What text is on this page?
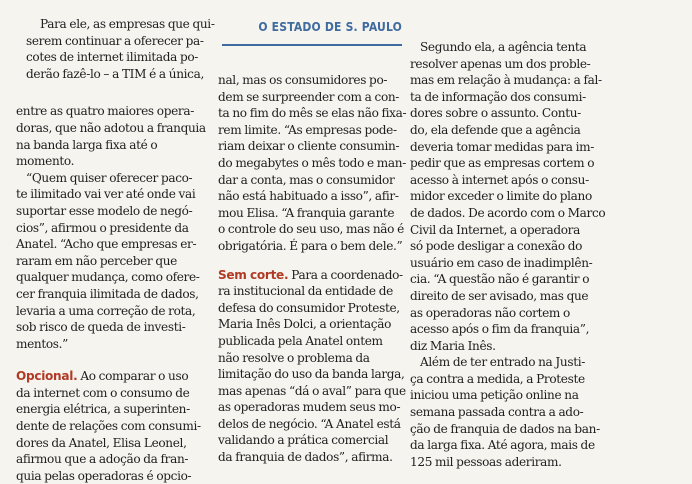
O ESTADO DE S. PAULO
Para ele, as empresas que qui-
serem continuar a oferecer pa-
cotes de internet ilimitada po-
derão fazê-lo – a TIM é a única,
entre as quatro maiores opera-
doras, que não adotou a franquia
na banda larga fixa até o
momento.
“Quem quiser oferecer paco-
te ilimitado vai ver até onde vai
suportar esse modelo de negó-
cios”, afirmou o presidente da
Anatel. “Acho que empresas er-
raram em não perceber que
qualquer mudança, como ofere-
cer franquia ilimitada de dados,
levaria a uma correção de rota,
sob risco de queda de investi-
mentos.”
Opcional. Ao comparar o uso
da internet com o consumo de
energia elétrica, a superinten-
dente de relações com consumi-
dores da Anatel, Elisa Leonel,
afirmou que a adoção da fran-
quia pelas operadoras é opcio-
nal, mas os consumidores po-
dem se surpreender com a con-
ta no fim do mês se elas não fixa-
rem limite. “As empresas pode-
riam deixar o cliente consumin-
do megabytes o mês todo e man-
dar a conta, mas o consumidor
não está habituado a isso”, afir-
mou Elisa. “A franquia garante
o controle do seu uso, mas não é
obrigatória. É para o bem dele.”
Sem corte. Para a coordenado-
ra institucional da entidade de
defesa do consumidor Proteste,
Maria Inês Dolci, a orientação
publicada pela Anatel ontem
não resolve o problema da
limitação do uso da banda larga,
mas apenas “dá o aval” para que
as operadoras mudem seus mo-
delos de negócio. “A Anatel está
validando a prática comercial
da franquia de dados”, afirma.
Segundo ela, a agência tenta
resolver apenas um dos proble-
mas em relação à mudança: a fal-
ta de informação dos consumi-
dores sobre o assunto. Contu-
do, ela defende que a agência
deveria tomar medidas para im-
pedir que as empresas cortem o
acesso à internet após o consu-
midor exceder o limite do plano
de dados. De acordo com o Marco
Civil da Internet, a operadora
só pode desligar a conexão do
usuário em caso de inadimplên-
cia. “A questão não é garantir o
direito de ser avisado, mas que
as operadoras não cortem o
acesso após o fim da franquia”,
diz Maria Inês.
Além de ter entrado na Justi-
ça contra a medida, a Proteste
iniciou uma petição online na
semana passada contra a ado-
ção de franquia de dados na ban-
da larga fixa. Até agora, mais de
125 mil pessoas aderiram.
